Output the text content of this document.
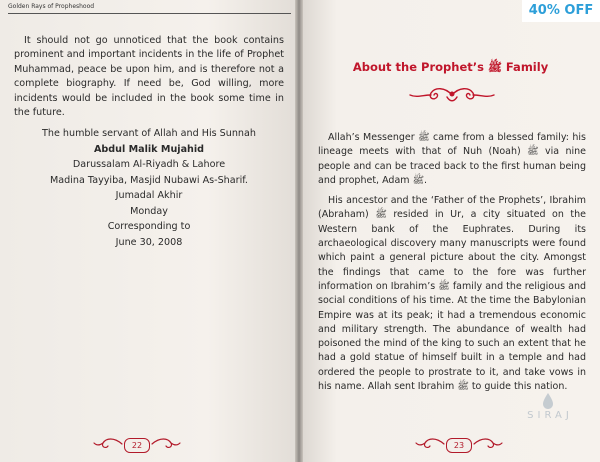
Golden Rays of Propheshood

It should not go unnoticed that the book contains prominent and important incidents in the life of Prophet Muhammad, peace be upon him, and is therefore not a complete biography. If need be, God willing, more incidents would be included in the book some time in the future.

The humble servant of Allah and His Sunnah
Abdul Malik Mujahid
Darussalam Al-Riyadh & Lahore
Madina Tayyiba, Masjid Nubawi As-Sharif.
Jumadal Akhir
Monday
Corresponding to
June 30, 2008
About the Prophet’s ﷺ Family

Allah’s Messenger ﷺ came from a blessed family: his lineage meets with that of Nuh (Noah) ﷺ via nine people and can be traced back to the first human being and prophet, Adam ﷺ.

His ancestor and the ‘Father of the Prophets’, Ibrahim (Abraham) ﷺ resided in Ur, a city situated on the Western bank of the Euphrates. During its archaeological discovery many manuscripts were found which paint a general picture about the city. Amongst the findings that came to the fore was further information on Ibrahim’s ﷺ family and the religious and social conditions of his time. At the time the Babylonian Empire was at its peak; it had a tremendous economic and military strength. The abundance of wealth had poisoned the mind of the king to such an extent that he had a gold statue of himself built in a temple and had ordered the people to prostrate to it, and take vows in his name. Allah sent Ibrahim ﷺ to guide this nation.

22	23
40% OFF
SIRAJ
